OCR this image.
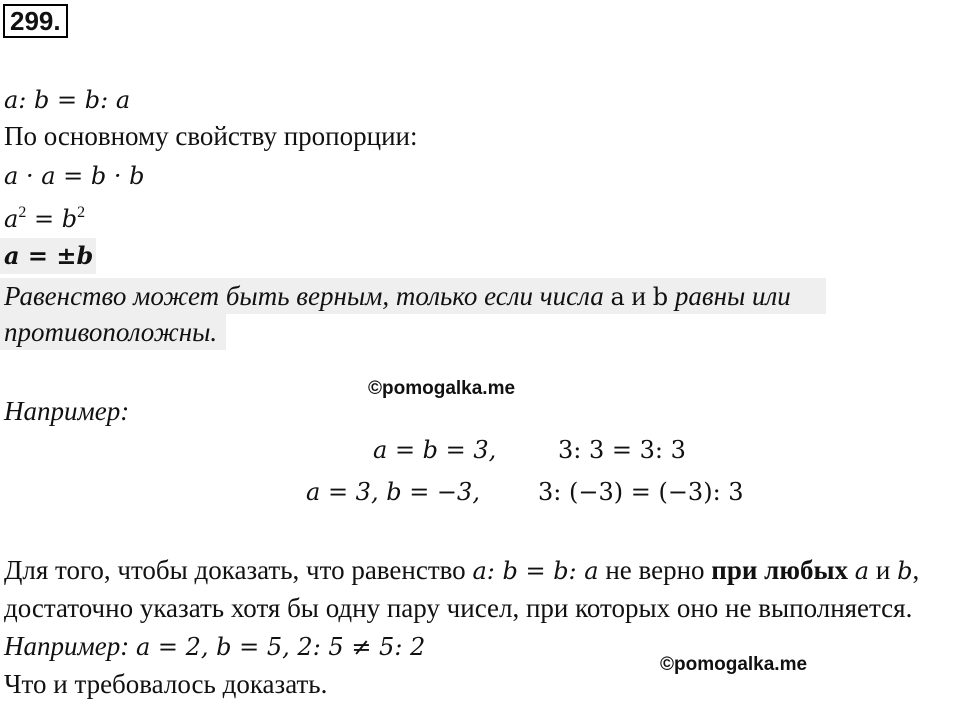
299.
a: b = b: a
По основному свойству пропорции:
a · a = b · b
$a^2 = b^2$
a = ±b
Равенство может быть верным, только если числа a и b равны или
противоположны.
©pomogalka.me
Например:
a = b = 3,	3: 3 = 3: 3
a = 3, b = −3, 3: (−3) = (−3): 3
Для того, чтобы доказать, что равенство a: b = b: a не верно при любых a и b,
достаточно указать хотя бы одну пару чисел, при которых оно не выполняется.
Например: a = 2, b = 5, 2: 5 ≠ 5: 2
©pomogalka.me
Что и требовалось доказать.
